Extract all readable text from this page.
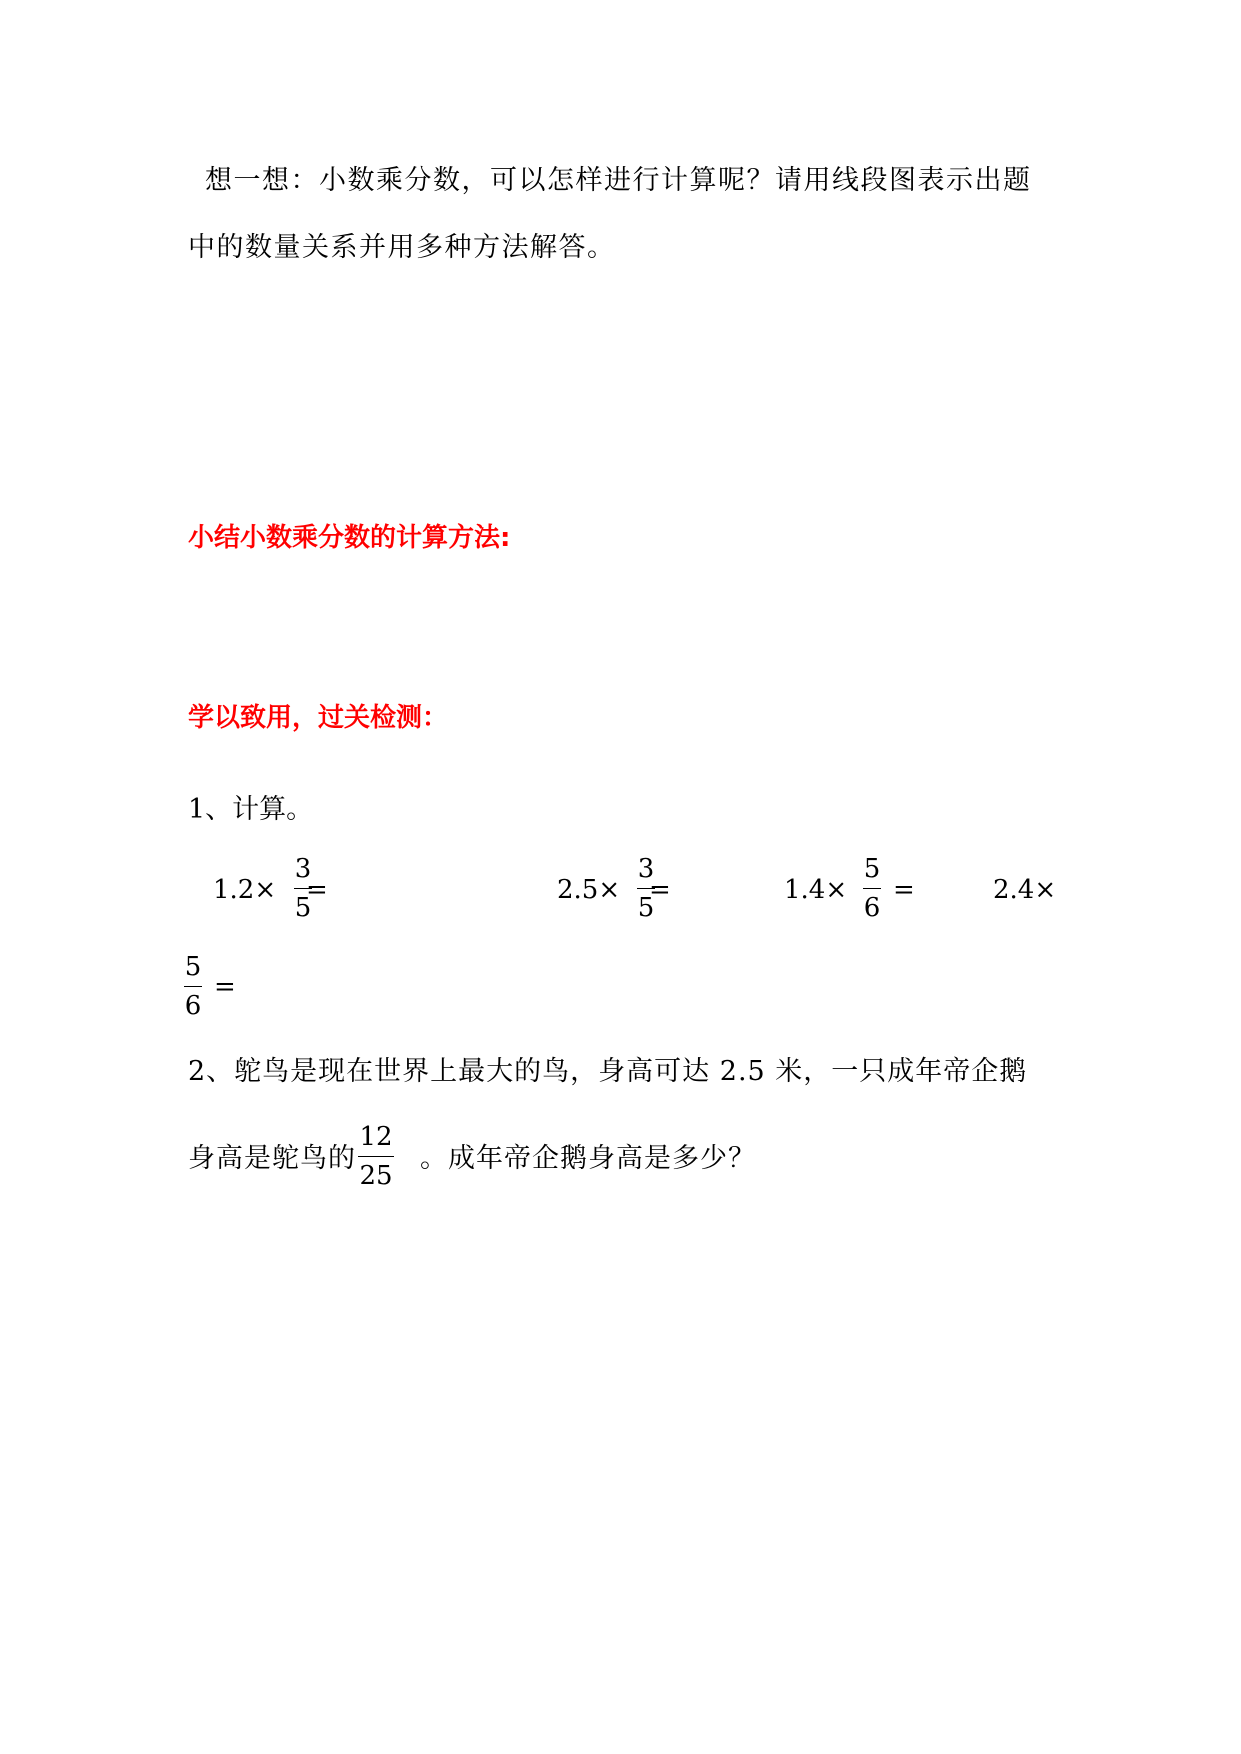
想一想：小数乘分数，可以怎样进行计算呢？请用线段图表示出题
中的数量关系并用多种方法解答。
小结小数乘分数的计算方法:
学以致用，过关检测：
1、计算。
1.2×
3
5
=	2.5×
3
5
=	1.4×
5
6
=	2.4×
5
6
=
2、鸵鸟是现在世界上最大的鸟，身高可达 2.5 米，一只成年帝企鹅
身高是鸵鸟的
12
25
。成年帝企鹅身高是多少？
